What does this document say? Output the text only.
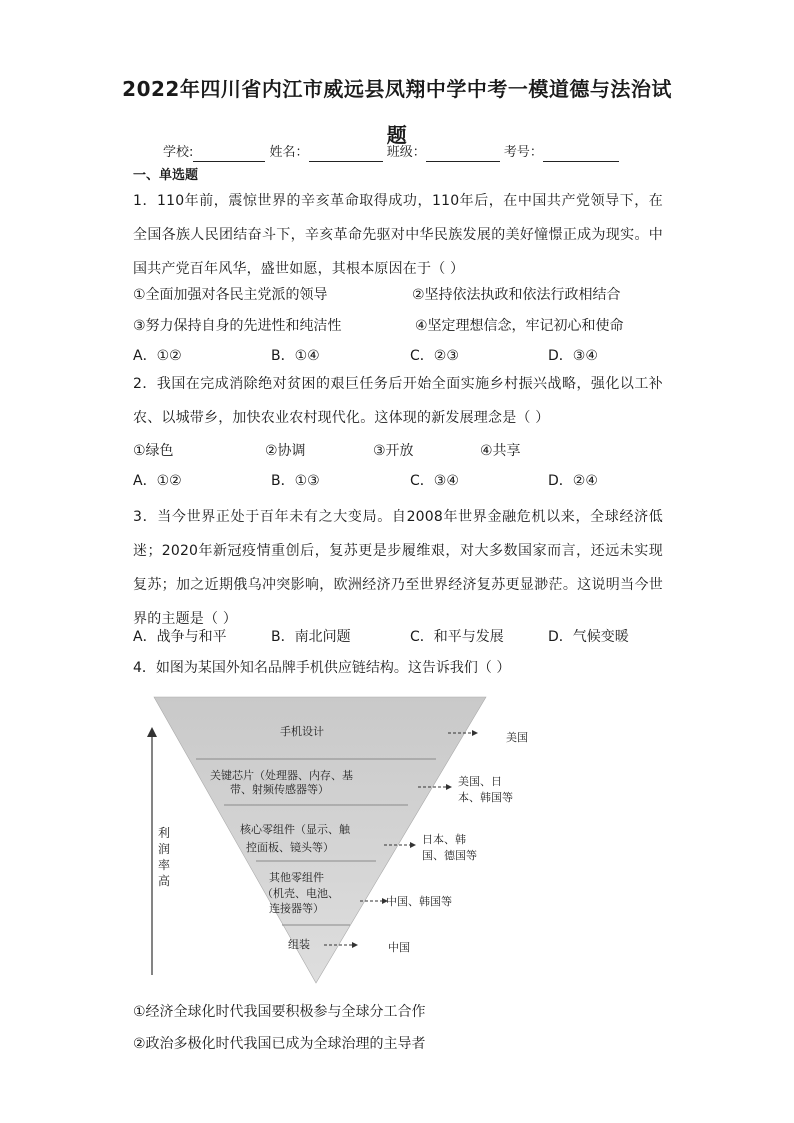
2022年四川省内江市威远县凤翔中学中考一模道德与法治试
题
学校:	姓名：	班级：	考号：
一、单选题
1．110年前，震惊世界的辛亥革命取得成功，110年后，在中国共产党领导下，在全国各族人民团结奋斗下，辛亥革命先驱对中华民族发展的美好憧憬正成为现实。中国共产党百年风华，盛世如愿，其根本原因在于（ ）
①全面加强对各民主党派的领导	②坚持依法执政和依法行政相结合
③努力保持自身的先进性和纯洁性	④坚定理想信念，牢记初心和使命
A．①②	B．①④	C．②③	D．③④
2．我国在完成消除绝对贫困的艰巨任务后开始全面实施乡村振兴战略，强化以工补农、以城带乡，加快农业农村现代化。这体现的新发展理念是（ ）
①绿色	②协调	③开放	④共享
A．①②	B．①③	C．③④	D．②④
3．当今世界正处于百年未有之大变局。自2008年世界金融危机以来，全球经济低迷；2020年新冠疫情重创后，复苏更是步履维艰，对大多数国家而言，还远未实现复苏；加之近期俄乌冲突影响，欧洲经济乃至世界经济复苏更显渺茫。这说明当今世界的主题是（ ）
A．战争与和平	B．南北问题	C．和平与发展	D．气候变暖
4．如图为某国外知名品牌手机供应链结构。这告诉我们（ ）
利润率高
手机设计
关键芯片（处理器、内存、基
带、射频传感器等）
核心零组件（显示、触
控面板、镜头等）
其他零组件
（机壳、电池、
连接器等）
组装
美国
美国、日
本、韩国等
日本、韩
国、德国等
中国、韩国等
中国
①经济全球化时代我国要积极参与全球分工合作
②政治多极化时代我国已成为全球治理的主导者
